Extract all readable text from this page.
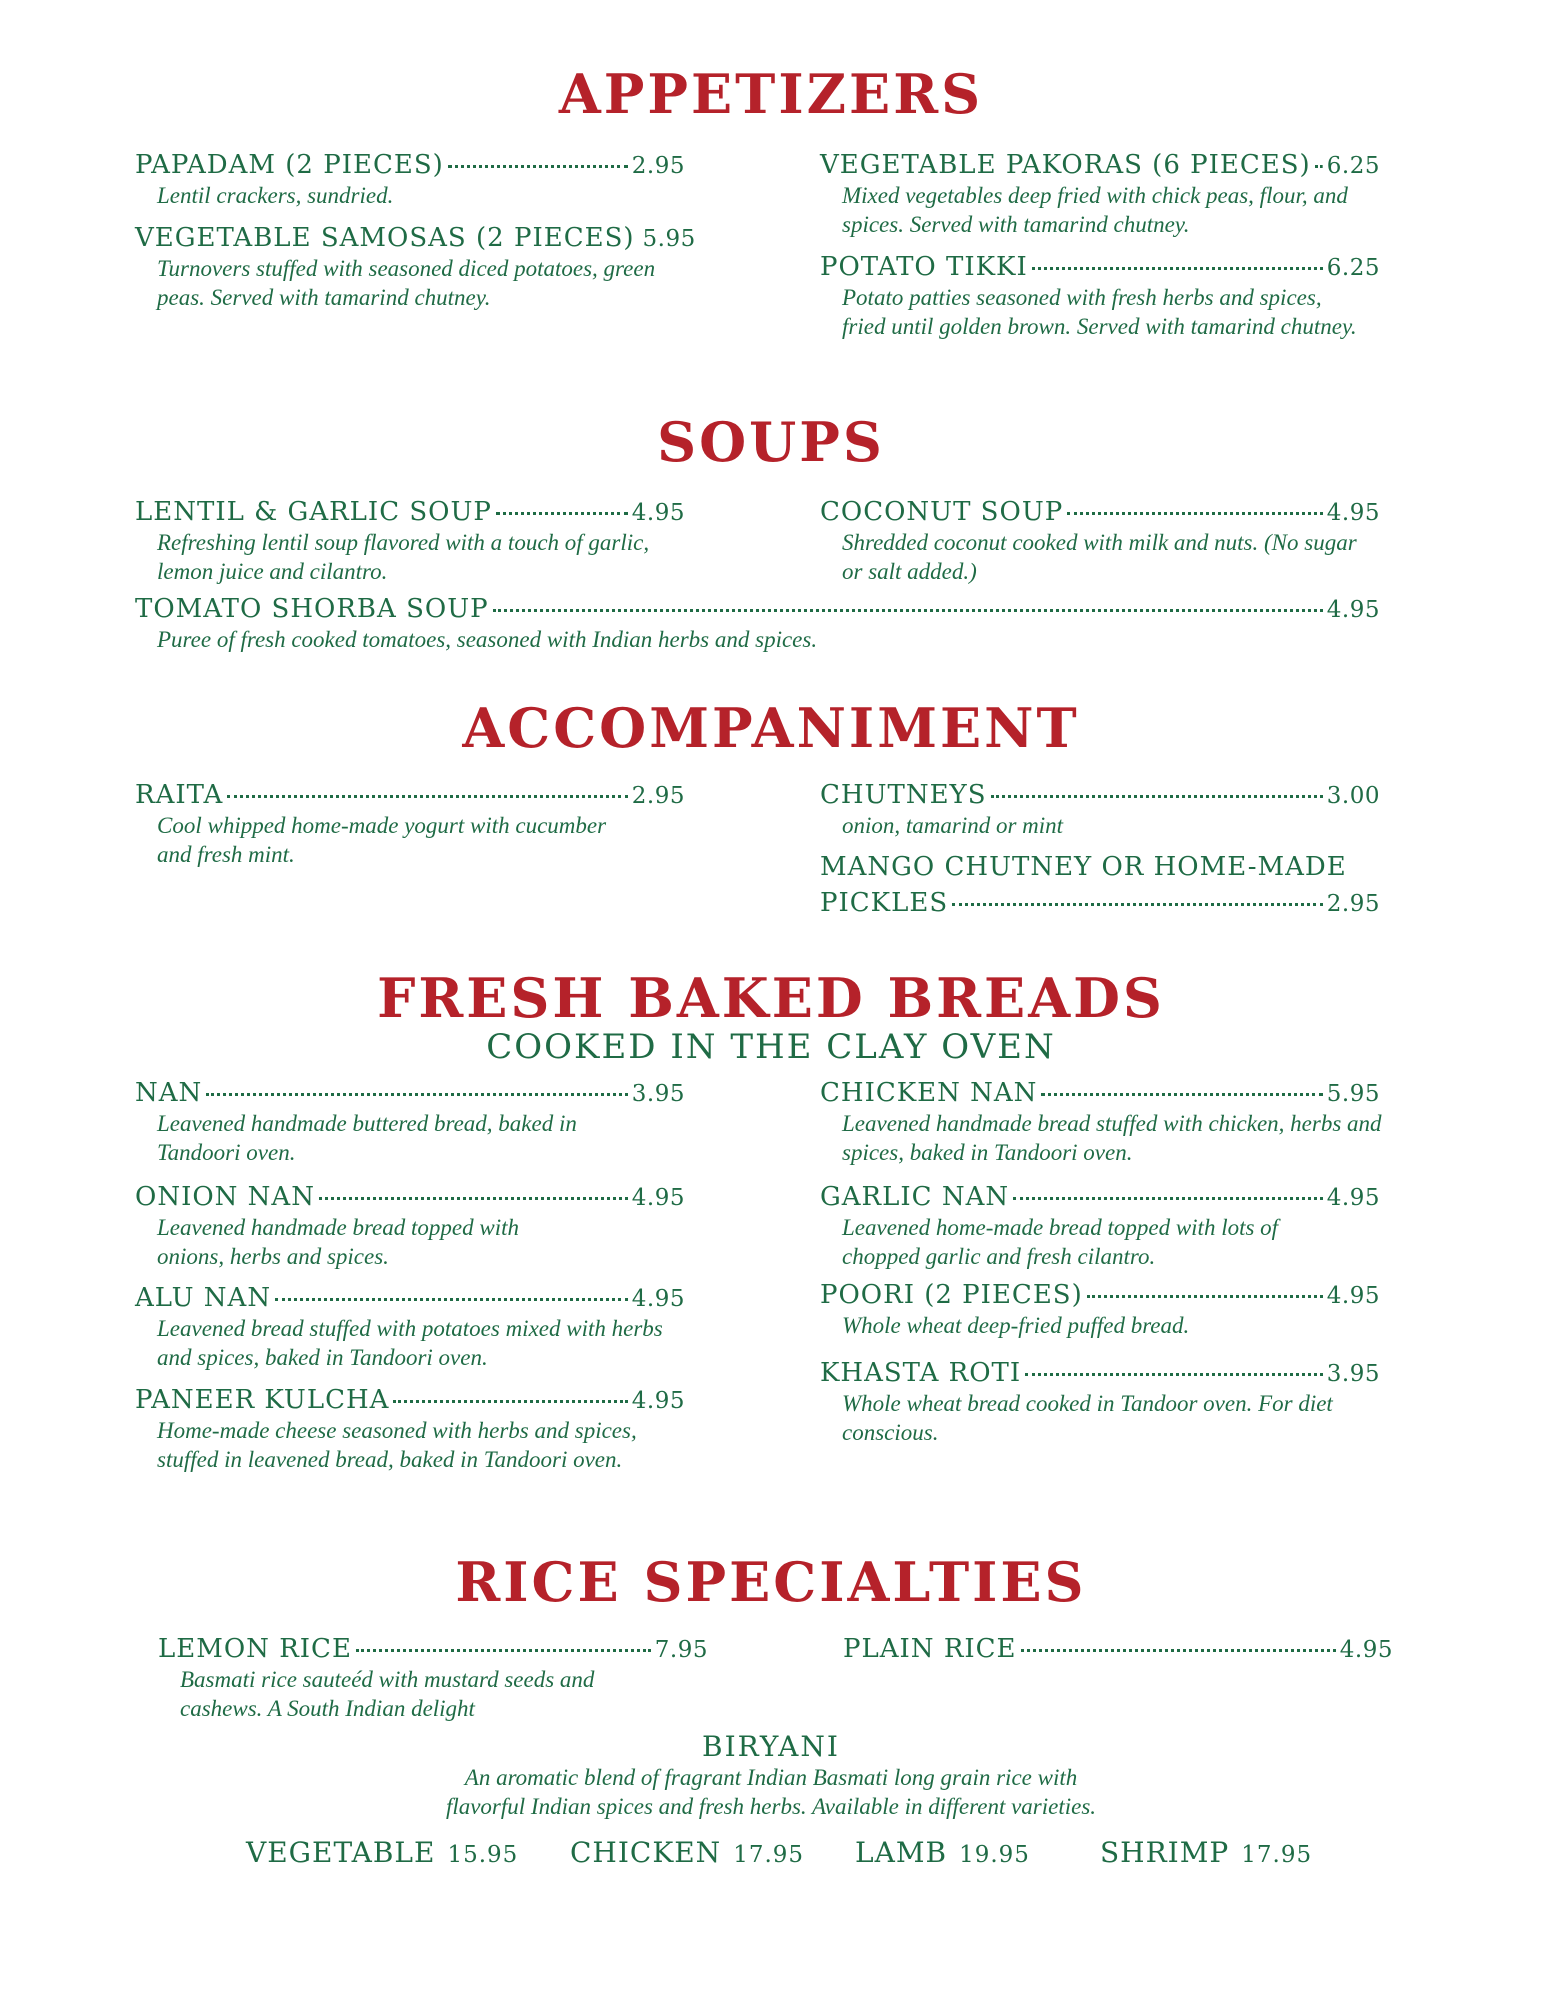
APPETIZERS
PAPADAM (2 PIECES)	2.95
Lentil crackers, sundried.
VEGETABLE SAMOSAS (2 PIECES) 5.95
Turnovers stuffed with seasoned diced potatoes, green peas. Served with tamarind chutney.
VEGETABLE PAKORAS (6 PIECES) 6.25
Mixed vegetables deep fried with chick peas, flour, and spices. Served with tamarind chutney.
POTATO TIKKI	6.25
Potato patties seasoned with fresh herbs and spices, fried until golden brown. Served with tamarind chutney.
SOUPS
LENTIL & GARLIC SOUP	4.95
Refreshing lentil soup flavored with a touch of garlic, lemon juice and cilantro.
COCONUT SOUP	4.95
Shredded coconut cooked with milk and nuts. (No sugar or salt added.)
TOMATO SHORBA SOUP	4.95
Puree of fresh cooked tomatoes, seasoned with Indian herbs and spices.
ACCOMPANIMENT
RAITA	2.95
Cool whipped home-made yogurt with cucumber and fresh mint.
CHUTNEYS	3.00
onion, tamarind or mint
MANGO CHUTNEY OR HOME-MADE
PICKLES	2.95
FRESH BAKED BREADS
COOKED IN THE CLAY OVEN
NAN	3.95
Leavened handmade buttered bread, baked in Tandoori oven.
ONION NAN	4.95
Leavened handmade bread topped with onions, herbs and spices.
ALU NAN	4.95
Leavened bread stuffed with potatoes mixed with herbs and spices, baked in Tandoori oven.
PANEER KULCHA	4.95
Home-made cheese seasoned with herbs and spices, stuffed in leavened bread, baked in Tandoori oven.
CHICKEN NAN	5.95
Leavened handmade bread stuffed with chicken, herbs and spices, baked in Tandoori oven.
GARLIC NAN	4.95
Leavened home-made bread topped with lots of chopped garlic and fresh cilantro.
POORI (2 PIECES)	4.95
Whole wheat deep-fried puffed bread.
KHASTA ROTI	3.95
Whole wheat bread cooked in Tandoor oven. For diet conscious.
RICE SPECIALTIES
LEMON RICE	7.95
Basmati rice sauteéd with mustard seeds and cashews. A South Indian delight
PLAIN RICE	4.95
BIRYANI
An aromatic blend of fragrant Indian Basmati long grain rice with
flavorful Indian spices and fresh herbs. Available in different varieties.
VEGETABLE 15.95 CHICKEN 17.95 LAMB 19.95	SHRIMP 17.95
